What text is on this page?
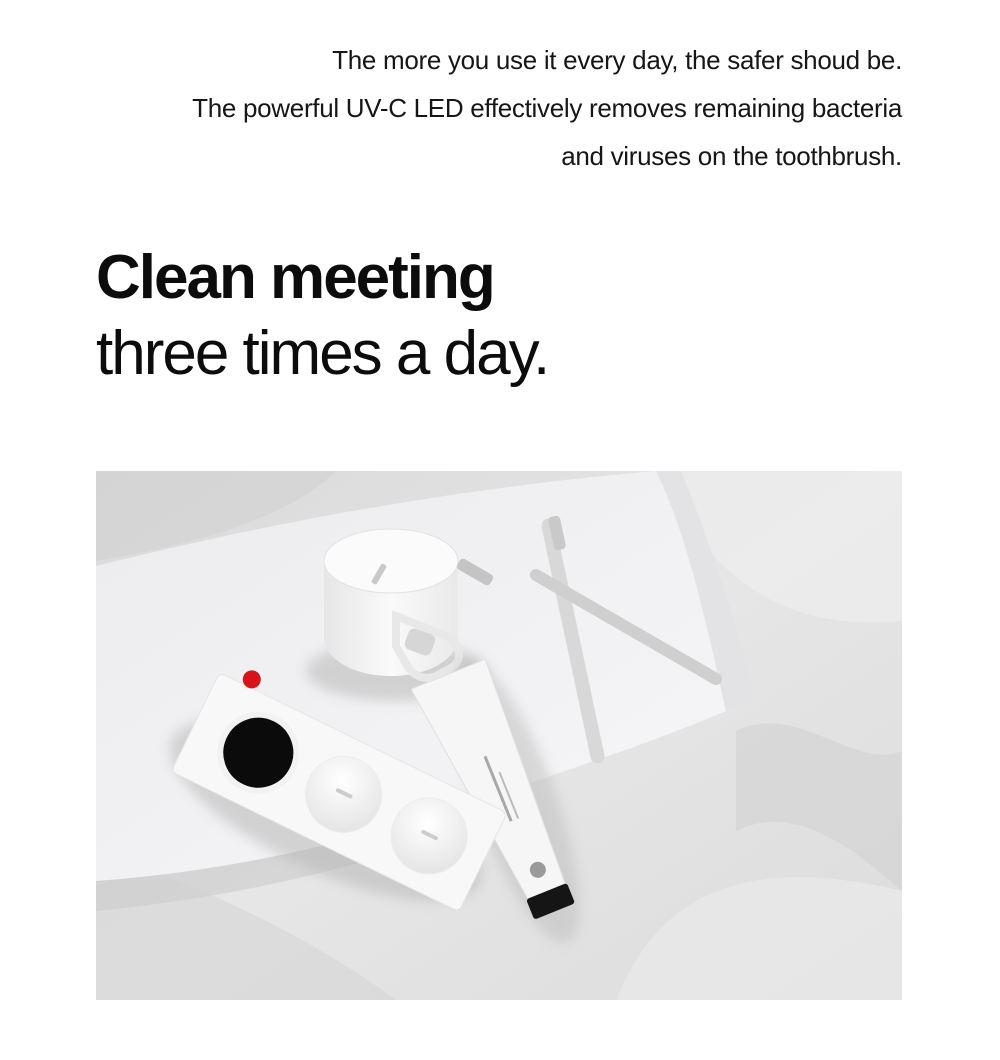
The more you use it every day, the safer shoud be.
The powerful UV-C LED effectively removes remaining bacteria
and viruses on the toothbrush.
Clean meeting
three times a day.
